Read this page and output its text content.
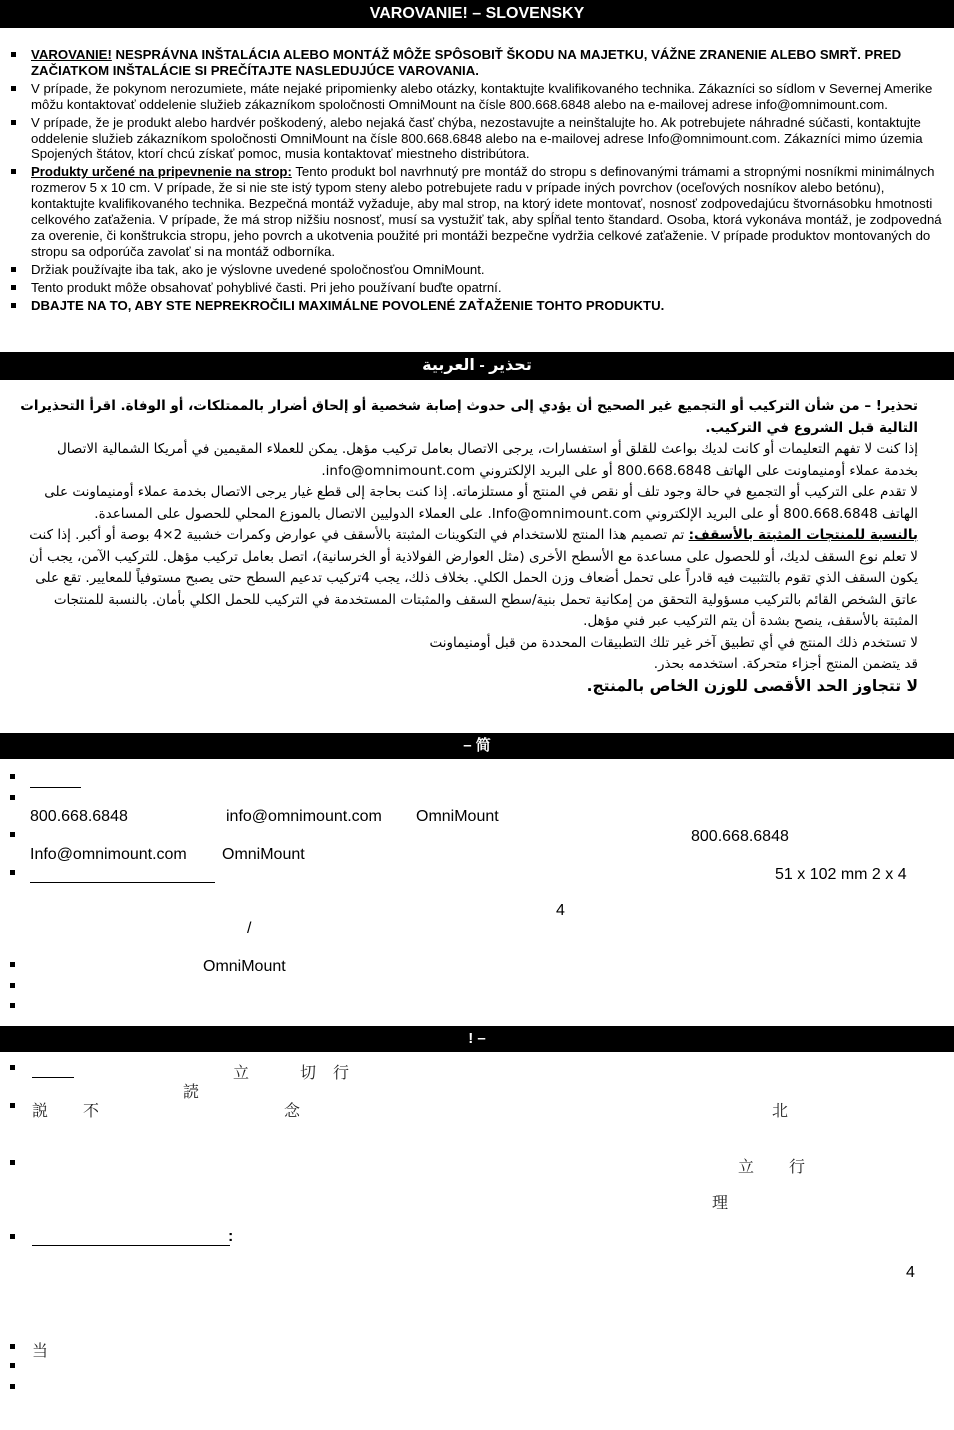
VAROVANIE! – SLOVENSKY
VAROVANIE! NESPRÁVNA INŠTALÁCIA ALEBO MONTÁŽ MÔŽE SPÔSOBIŤ ŠKODU NA MAJETKU, VÁŽNE ZRANENIE ALEBO SMRŤ. PRED ZAČIATKOM INŠTALÁCIE SI PREČÍTAJTE NASLEDUJÚCE VAROVANIA.
V prípade, že pokynom nerozumiete, máte nejaké pripomienky alebo otázky, kontaktujte kvalifikovaného technika. Zákazníci so sídlom v Severnej Amerike môžu kontaktovať oddelenie služieb zákazníkom spoločnosti OmniMount na čísle 800.668.6848 alebo na e-mailovej adrese info@omnimount.com.
V prípade, že je produkt alebo hardvér poškodený, alebo nejaká časť chýba, nezostavujte a neinštalujte ho. Ak potrebujete náhradné súčasti, kontaktujte oddelenie služieb zákazníkom spoločnosti OmniMount na čísle 800.668.6848 alebo na e-mailovej adrese Info@omnimount.com. Zákazníci mimo územia Spojených štátov, ktorí chcú získať pomoc, musia kontaktovať miestneho distribútora.
Produkty určené na pripevnenie na strop: Tento produkt bol navrhnutý pre montáž do stropu s definovanými trámami a stropnými nosníkmi minimálnych rozmerov 5 x 10 cm. V prípade, že si nie ste istý typom steny alebo potrebujete radu v prípade iných povrchov (oceľových nosníkov alebo betónu), kontaktujte kvalifikovaného technika. Bezpečná montáž vyžaduje, aby mal strop, na ktorý idete montovať, nosnosť zodpovedajúcu štvornásobku hmotnosti celkového zaťaženia. V prípade, že má strop nižšiu nosnosť, musí sa vystužiť tak, aby spĺňal tento štandard. Osoba, ktorá vykonáva montáž, je zodpovedná za overenie, či konštrukcia stropu, jeho povrch a ukotvenia použité pri montáži bezpečne vydržia celkové zaťaženie. V prípade produktov montovaných do stropu sa odporúča zavolať si na montáž odborníka.
Držiak používajte iba tak, ako je výslovne uvedené spoločnosťou OmniMount.
Tento produkt môže obsahovať pohyblivé časti. Pri jeho používaní buďte opatrní.
DBAJTE NA TO, ABY STE NEPREKROČILI MAXIMÁLNE POVOLENÉ ZAŤAŽENIE TOHTO PRODUKTU.
تحذير - العربية

تحذير! – من شأن التركيب أو التجميع غير الصحيح أن يؤدي إلى حدوث إصابة شخصية أو إلحاق أضرار بالممتلكات، أو الوفاة. اقرأ التحذيرات التالية قبل الشروع في التركيب.

إذا كنت لا تفهم التعليمات أو كانت لديك بواعث للقلق أو استفسارات، يرجى الاتصال بعامل تركيب مؤهل. يمكن للعملاء المقيمين في أمريكا الشمالية الاتصال بخدمة عملاء أومنيماونت على الهاتف 800.668.6848 أو على البريد الإلكتروني info@omnimount.com.

لا تقدم على التركيب أو التجميع في حالة وجود تلف أو نقص في المنتج أو مستلزماته. إذا كنت بحاجة إلى قطع غيار يرجى الاتصال بخدمة عملاء أومنيماونت على الهاتف 800.668.6848 أو على البريد الإلكتروني Info@omnimount.com. على العملاء الدوليين الاتصال بالموزع المحلي للحصول على المساعدة.

بالنسبة للمنتجات المثبتة بالأسقف: تم تصميم هذا المنتج للاستخدام في التكوينات المثبتة بالأسقف في عوارض وكمرات خشبية 2×4 بوصة أو أكبر. إذا كنت لا تعلم نوع السقف لديك، أو للحصول على مساعدة مع الأسطح الأخرى (مثل العوارض الفولاذية أو الخرسانية)، اتصل بعامل تركيب مؤهل. للتركيب الآمن، يجب أن يكون السقف الذي تقوم بالتثبيت فيه قادراً على تحمل أضعاف وزن الحمل الكلي. بخلاف ذلك، يجب 4تركيب تدعيم السطح حتى يصبح مستوفياً للمعايير. تقع على عاتق الشخص القائم بالتركيب مسؤولية التحقق من إمكانية تحمل بنية/سطح السقف والمثبتات المستخدمة في التركيب للحمل الكلي بأمان. بالنسبة للمنتجات المثبتة بالأسقف، ينصح بشدة أن يتم التركيب عبر فني مؤهل.

لا تستخدم ذلك المنتج في أي تطبيق آخر غير تلك التطبيقات المحددة من قبل أومنيماونت

قد يتضمن المنتج أجزاء متحركة. استخدمه بحذر.

لا تتجاوز الحد الأقصى للوزن الخاص بالمنتج.

– 简
800.668.6848	info@omnimount.com OmniMount
800.668.6848
Info@omnimount.com OmniMount
51 x 102 mm 2 x 4
4
/
OmniMount
! –
立	切 行
読
説 不	念	北
立 行
理
:
4
当
